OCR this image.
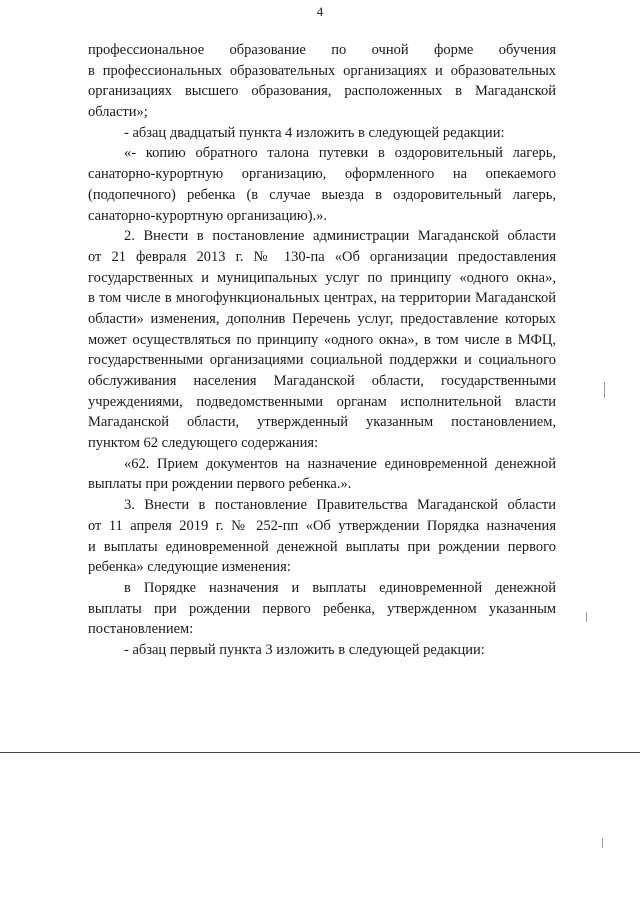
4
профессиональное образование по очной форме обучения
в профессиональных образовательных организациях и образовательных
организациях высшего образования, расположенных в Магаданской
области»;
- абзац двадцатый пункта 4 изложить в следующей редакции:
«- копию обратного талона путевки в оздоровительный лагерь,
санаторно-курортную организацию, оформленного на опекаемого
(подопечного) ребенка (в случае выезда в оздоровительный лагерь,
санаторно-курортную организацию).».
2. Внести в постановление администрации Магаданской области
от 21 февраля 2013 г. № 130-па «Об организации предоставления
государственных и муниципальных услуг по принципу «одного окна»,
в том числе в многофункциональных центрах, на территории Магаданской
области» изменения, дополнив Перечень услуг, предоставление которых
может осуществляться по принципу «одного окна», в том числе в МФЦ,
государственными организациями социальной поддержки и социального
обслуживания населения Магаданской области, государственными
учреждениями, подведомственными органам исполнительной власти
Магаданской области, утвержденный указанным постановлением,
пунктом 62 следующего содержания:
«62. Прием документов на назначение единовременной денежной
выплаты при рождении первого ребенка.».
3. Внести в постановление Правительства Магаданской области
от 11 апреля 2019 г. № 252-пп «Об утверждении Порядка назначения
и выплаты единовременной денежной выплаты при рождении первого
ребенка» следующие изменения:
в Порядке назначения и выплаты единовременной денежной
выплаты при рождении первого ребенка, утвержденном указанным
постановлением:
- абзац первый пункта 3 изложить в следующей редакции:
